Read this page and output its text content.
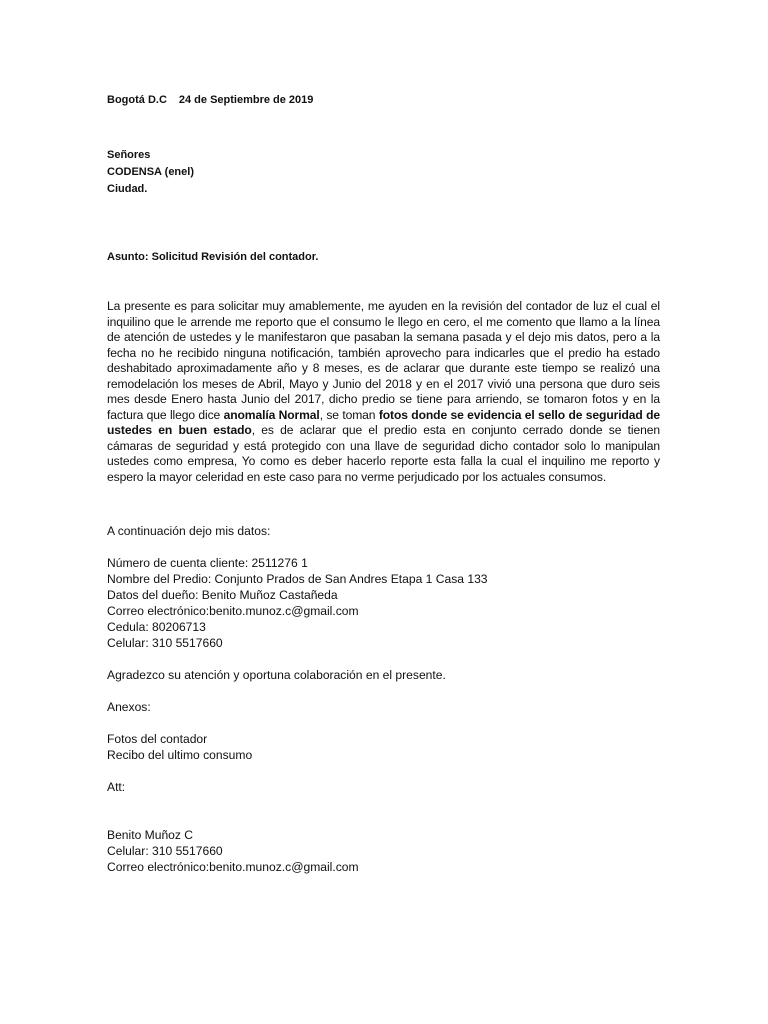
Bogotá D.C 24 de Septiembre de 2019

Señores
CODENSA (enel)
Ciudad.

Asunto: Solicitud Revisión del contador.

La presente es para solicitar muy amablemente, me ayuden en la revisión del contador de luz el cual el inquilino que le arrende me reporto que el consumo le llego en cero, el me comento que llamo a la línea de atención de ustedes y le manifestaron que pasaban la semana pasada y el dejo mis datos, pero a la fecha no he recibido ninguna notificación, también aprovecho para indicarles que el predio ha estado deshabitado aproximadamente año y 8 meses, es de aclarar que durante este tiempo se realizó una remodelación los meses de Abril, Mayo y Junio del 2018 y en el 2017 vivió una persona que duro seis mes desde Enero hasta Junio del 2017, dicho predio se tiene para arriendo, se tomaron fotos y en la factura que llego dice anomalía Normal, se toman fotos donde se evidencia el sello de seguridad de ustedes en buen estado, es de aclarar que el predio esta en conjunto cerrado donde se tienen cámaras de seguridad y está protegido con una llave de seguridad dicho contador solo lo manipulan ustedes como empresa, Yo como es deber hacerlo reporte esta falla la cual el inquilino me reporto y espero la mayor celeridad en este caso para no verme perjudicado por los actuales consumos.

A continuación dejo mis datos:

Número de cuenta cliente: 2511276 1
Nombre del Predio: Conjunto Prados de San Andres Etapa 1 Casa 133
Datos del dueño: Benito Muñoz Castañeda
Correo electrónico:benito.munoz.c@gmail.com
Cedula: 80206713
Celular: 310 5517660

Agradezco su atención y oportuna colaboración en el presente.

Anexos:

Fotos del contador
Recibo del ultimo consumo

Att:

Benito Muñoz C
Celular: 310 5517660
Correo electrónico:benito.munoz.c@gmail.com
